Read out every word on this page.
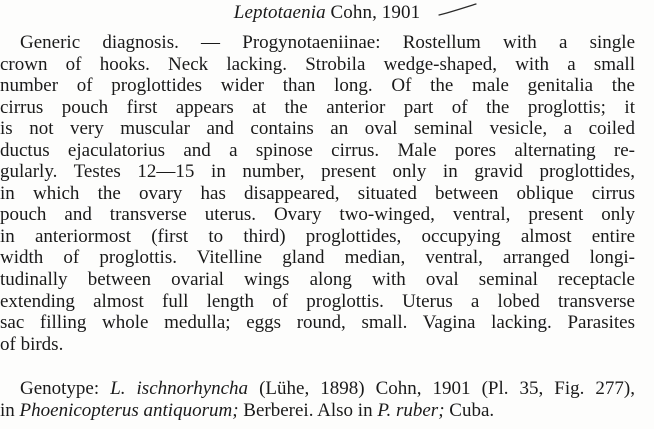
Leptotaenia Cohn, 1901
Generic diagnosis. — Progynotaeniinae: Rostellum with a single
crown of hooks. Neck lacking. Strobila wedge-shaped, with a small
number of proglottides wider than long. Of the male genitalia the
cirrus pouch first appears at the anterior part of the proglottis; it
is not very muscular and contains an oval seminal vesicle, a coiled
ductus ejaculatorius and a spinose cirrus. Male pores alternating re-
gularly. Testes 12—15 in number, present only in gravid proglottides,
in which the ovary has disappeared, situated between oblique cirrus
pouch and transverse uterus. Ovary two-winged, ventral, present only
in anteriormost (first to third) proglottides, occupying almost entire
width of proglottis. Vitelline gland median, ventral, arranged longi-
tudinally between ovarial wings along with oval seminal receptacle
extending almost full length of proglottis. Uterus a lobed transverse
sac filling whole medulla; eggs round, small. Vagina lacking. Parasites
of birds.
Genotype: L. ischnorhyncha (Lühe, 1898) Cohn, 1901 (Pl. 35, Fig. 277),
in Phoenicopterus antiquorum; Berberei. Also in P. ruber; Cuba.
